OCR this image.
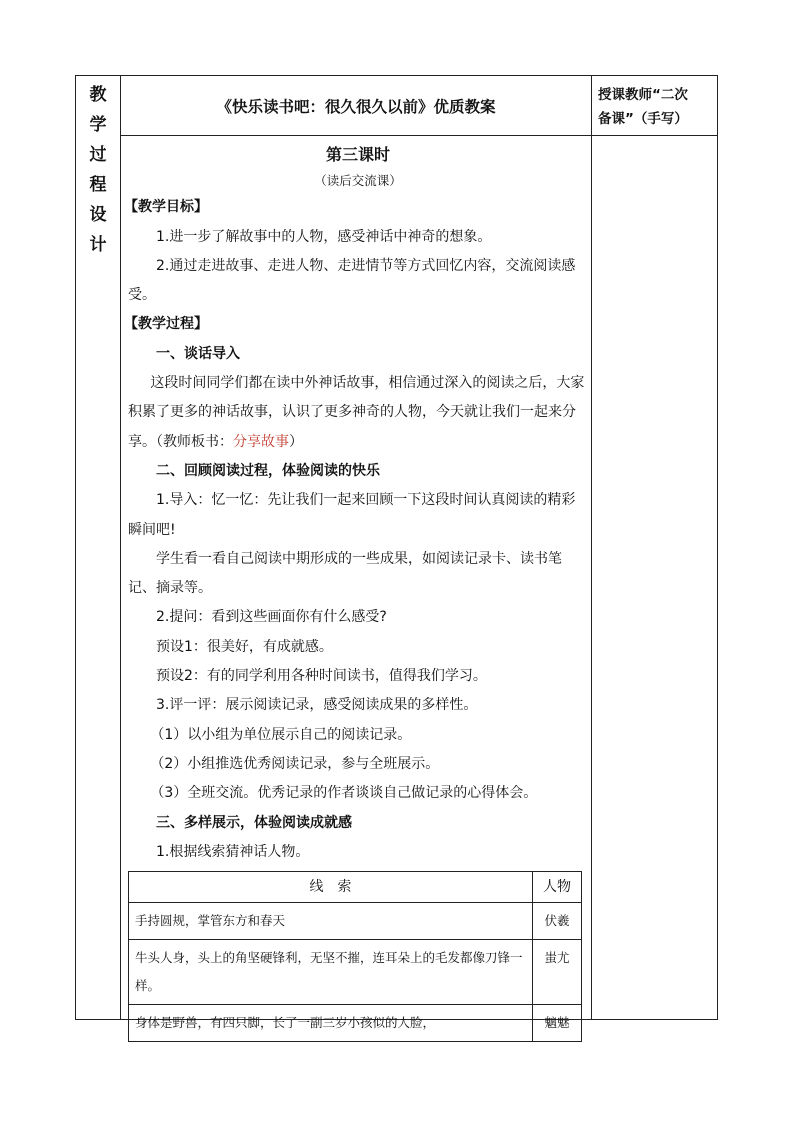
教
学
过
程
设
计
《快乐读书吧：很久很久以前》优质教案
授课教师“二次
备课”（手写）

第三课时

（读后交流课）

【教学目标】

1.进一步了解故事中的人物，感受神话中神奇的想象。

2.通过走进故事、走进人物、走进情节等方式回忆内容，交流阅读感受。

【教学过程】

一、谈话导入

这段时间同学们都在读中外神话故事，相信通过深入的阅读之后，大家积累了更多的神话故事，认识了更多神奇的人物，今天就让我们一起来分享。（教师板书：分享故事）

二、回顾阅读过程，体验阅读的快乐

1.导入：忆一忆：先让我们一起来回顾一下这段时间认真阅读的精彩瞬间吧!

学生看一看自己阅读中期形成的一些成果，如阅读记录卡、读书笔记、摘录等。

2.提问：看到这些画面你有什么感受?

预设1：很美好，有成就感。

预设2：有的同学利用各种时间读书，值得我们学习。

3.评一评：展示阅读记录，感受阅读成果的多样性。

（1）以小组为单位展示自己的阅读记录。

（2）小组推选优秀阅读记录，参与全班展示。

（3）全班交流。优秀记录的作者谈谈自己做记录的心得体会。

三、多样展示，体验阅读成就感

1.根据线索猜神话人物。

线　索	人物
手持圆规，掌管东方和春天	伏羲
牛头人身，头上的角坚硬锋利，无坚不摧，连耳朵上的毛发都像刀锋一样。	蚩尤
身体是野兽，有四只脚，长了一副三岁小孩似的人脸，	魑魅
